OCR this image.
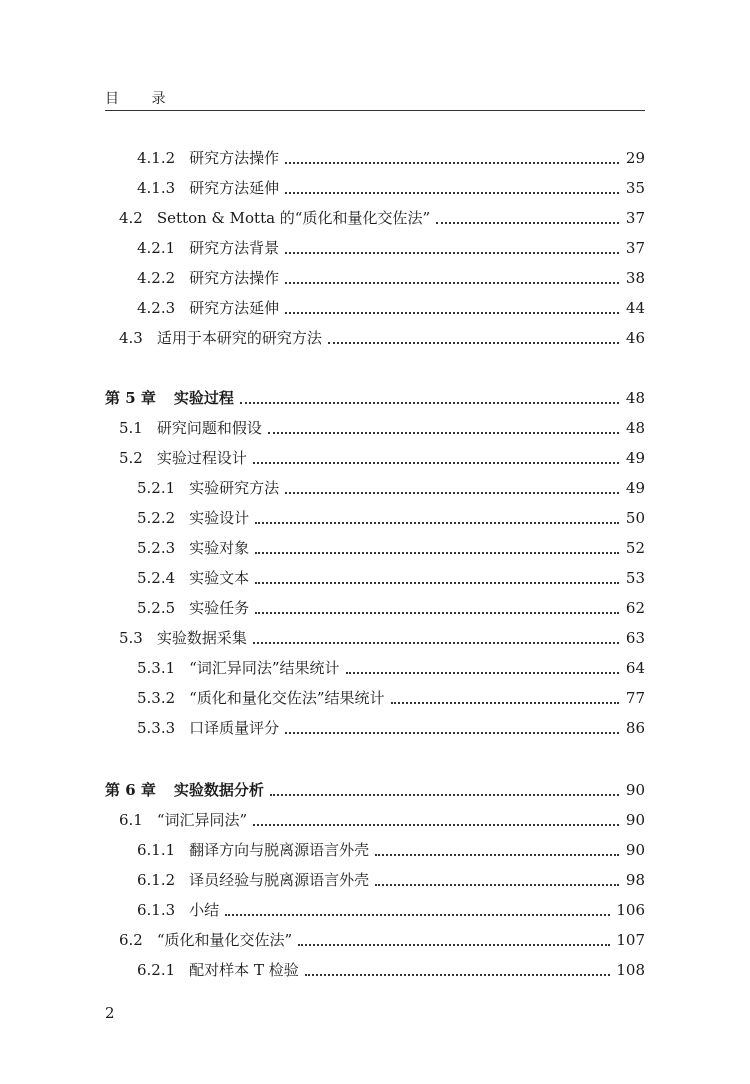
目 录
4.1.2 研究方法操作	29
4.1.3 研究方法延伸	35
4.2 Setton & Motta 的“质化和量化交佐法”	37
4.2.1 研究方法背景	37
4.2.2 研究方法操作	38
4.2.3 研究方法延伸	44
4.3 适用于本研究的研究方法	46
第 5 章 实验过程	48
5.1 研究问题和假设	48
5.2 实验过程设计	49
5.2.1 实验研究方法	49
5.2.2 实验设计	50
5.2.3 实验对象	52
5.2.4 实验文本	53
5.2.5 实验任务	62
5.3 实验数据采集	63
5.3.1 “词汇异同法”结果统计	64
5.3.2 “质化和量化交佐法”结果统计	77
5.3.3 口译质量评分	86
第 6 章 实验数据分析	90
6.1 “词汇异同法”	90
6.1.1 翻译方向与脱离源语言外壳	90
6.1.2 译员经验与脱离源语言外壳	98
6.1.3 小结	106
6.2 “质化和量化交佐法”	107
6.2.1 配对样本 T 检验	108
2
